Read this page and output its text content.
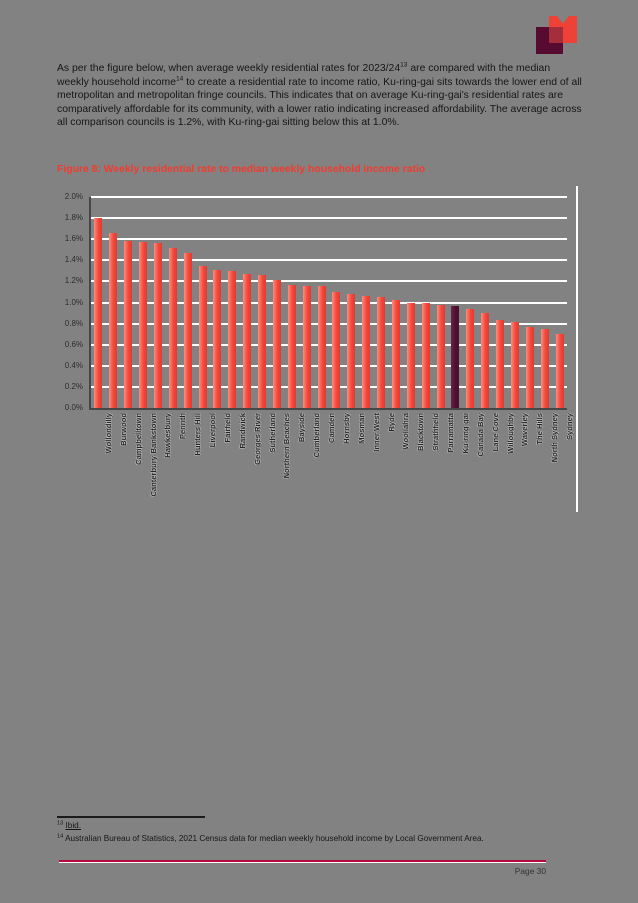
As per the figure below, when average weekly residential rates for $2023/24^{13}$ are compared with the median weekly household income$^{14}$ to create a residential rate to income ratio, Ku-ring-gai sits towards the lower end of all metropolitan and metropolitan fringe councils. This indicates that on average Ku-ring-gai's residential rates are comparatively affordable for its community, with a lower ratio indicating increased affordability. The average across all comparison councils is 1.2%, with Ku-ring-gai sitting below this at 1.0%.
Figure 8: Weekly residential rate to median weekly household income ratio
0.0%
0.2%
0.4%
0.6%
0.8%
1.0%
1.2%
1.4%
1.6%
1.8%
2.0%
Wollondilly Burwood Campbelltown Canterbury-Bankstown Hawkesbury Penrith Hunters Hill Liverpool Fairfield Randwick Georges River Sutherland Northern Beaches Bayside Cumberland Camden Hornsby Mosman Inner West Ryde Woollahra Blacktown Strathfield Parramatta Ku-ring-gai Canada Bay Lane Cove Willoughby Waverley The Hills North Sydney Sydney
$^{13}$ Ibid.
$^{14}$ Australian Bureau of Statistics, 2021 Census data for median weekly household income by Local Government Area.
Page 30
